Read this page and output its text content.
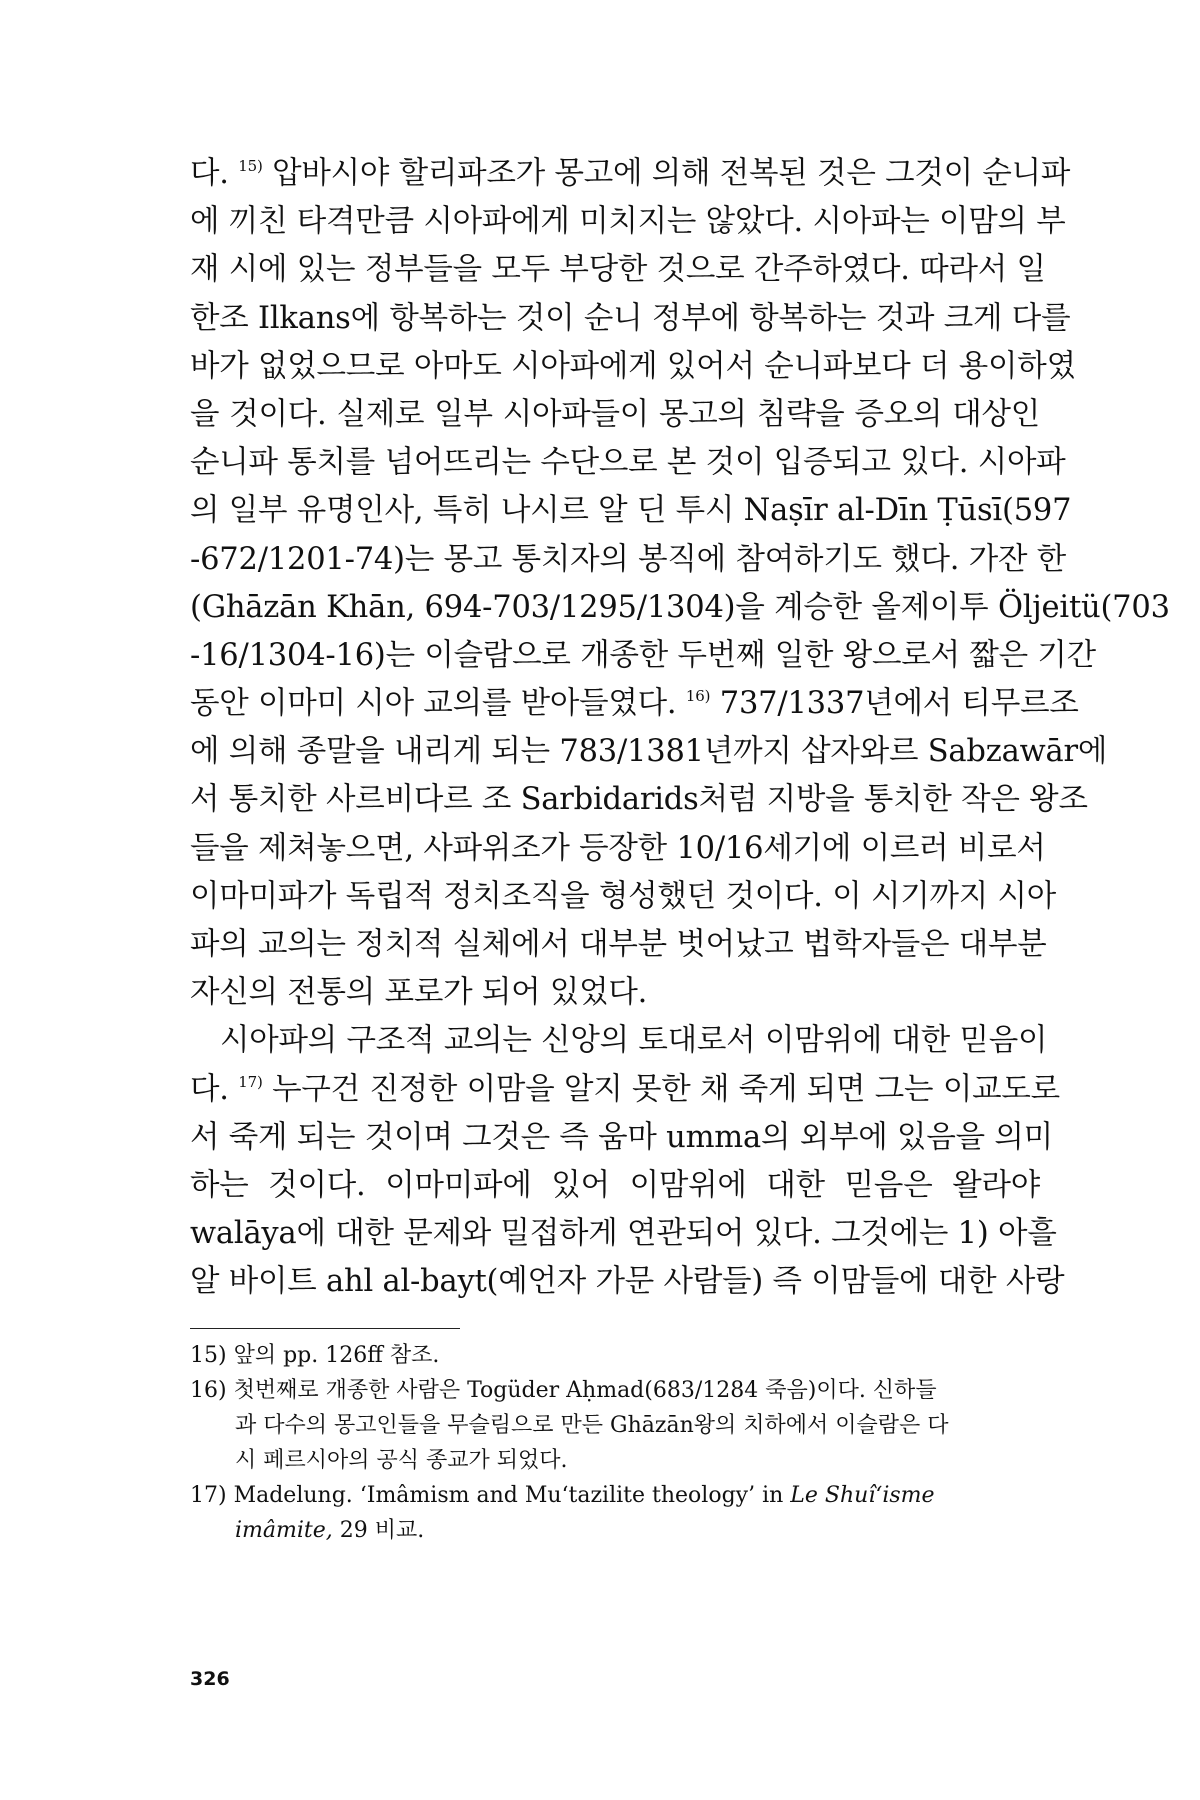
다. $^{15)}$ 압바시야 할리파조가 몽고에 의해 전복된 것은 그것이 순니파
에 끼친 타격만큼 시아파에게 미치지는 않았다. 시아파는 이맘의 부
재 시에 있는 정부들을 모두 부당한 것으로 간주하였다. 따라서 일
한조 Ilkans에 항복하는 것이 순니 정부에 항복하는 것과 크게 다를
바가 없었으므로 아마도 시아파에게 있어서 순니파보다 더 용이하였
을 것이다. 실제로 일부 시아파들이 몽고의 침략을 증오의 대상인
순니파 통치를 넘어뜨리는 수단으로 본 것이 입증되고 있다. 시아파
의 일부 유명인사, 특히 나시르 알 딘 투시 Naṣīr al-Dīn Ṭūsī(597
-672/1201-74)는 몽고 통치자의 봉직에 참여하기도 했다. 가잔 한
(Ghāzān Khān, 694-703/1295/1304)을 계승한 올제이투 Öljeitü(703
-16/1304-16)는 이슬람으로 개종한 두번째 일한 왕으로서 짧은 기간
동안 이마미 시아 교의를 받아들였다. $^{16)}$ 737/1337년에서 티무르조
에 의해 종말을 내리게 되는 783/1381년까지 삽자와르 Sabzawār에
서 통치한 사르비다르 조 Sarbidarids처럼 지방을 통치한 작은 왕조
들을 제쳐놓으면, 사파위조가 등장한 10/16세기에 이르러 비로서
이마미파가 독립적 정치조직을 형성했던 것이다. 이 시기까지 시아
파의 교의는 정치적 실체에서 대부분 벗어났고 법학자들은 대부분
자신의 전통의 포로가 되어 있었다.
시아파의 구조적 교의는 신앙의 토대로서 이맘위에 대한 믿음이
다. $^{17)}$ 누구건 진정한 이맘을 알지 못한 채 죽게 되면 그는 이교도로
서 죽게 되는 것이며 그것은 즉 움마 umma의 외부에 있음을 의미
하는 것이다. 이마미파에 있어 이맘위에 대한 믿음은 왈라야
walāya에 대한 문제와 밀접하게 연관되어 있다. 그것에는 1) 아흘
알 바이트 ahl al-bayt(예언자 가문 사람들) 즉 이맘들에 대한 사랑
15) 앞의 pp. 126ff 참조.
16) 첫번째로 개종한 사람은 Togüder Aḥmad(683/1284 죽음)이다. 신하들
과 다수의 몽고인들을 무슬림으로 만든 Ghāzān왕의 치하에서 이슬람은 다
시 페르시아의 공식 종교가 되었다.
17) Madelung. ‘Imâmism and Mu‘tazilite theology’ in Le Shuî‘isme
imâmite, 29 비교.
326
